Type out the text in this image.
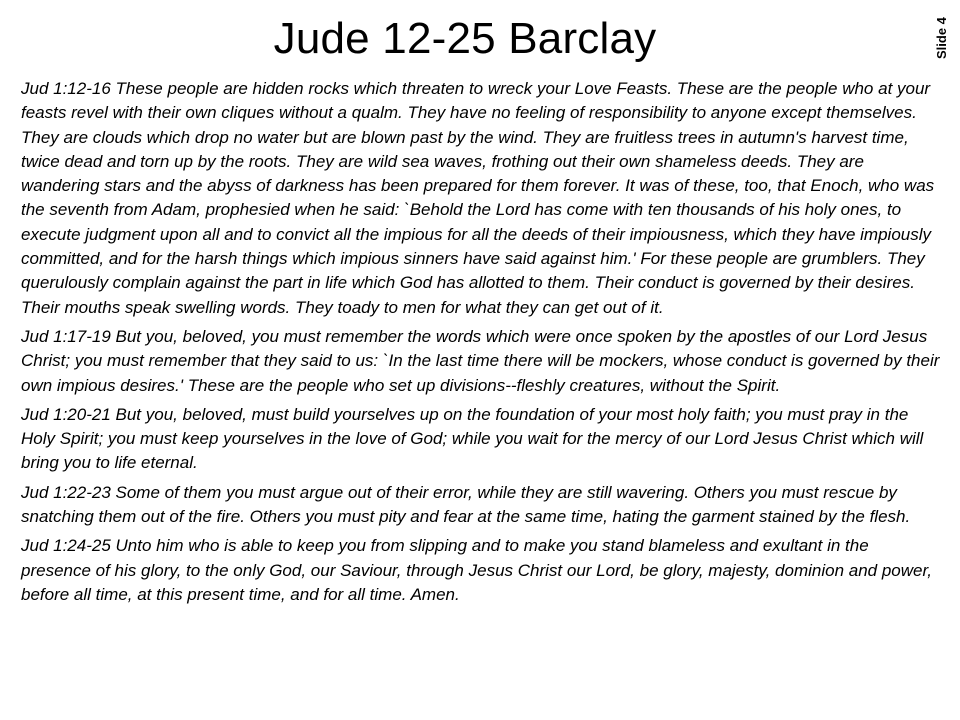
Jude 12-25 Barclay	Slide 4

Jud 1:12-16 These people are hidden rocks which threaten to wreck your Love Feasts. These are the people who at your feasts revel with their own cliques without a qualm. They have no feeling of responsibility to anyone except themselves. They are clouds which drop no water but are blown past by the wind. They are fruitless trees in autumn's harvest time, twice dead and torn up by the roots. They are wild sea waves, frothing out their own shameless deeds. They are wandering stars and the abyss of darkness has been prepared for them forever. It was of these, too, that Enoch, who was the seventh from Adam, prophesied when he said: `Behold the Lord has come with ten thousands of his holy ones, to execute judgment upon all and to convict all the impious for all the deeds of their impiousness, which they have impiously committed, and for the harsh things which impious sinners have said against him.' For these people are grumblers. They querulously complain against the part in life which God has allotted to them. Their conduct is governed by their desires. Their mouths speak swelling words. They toady to men for what they can get out of it.

Jud 1:17-19 But you, beloved, you must remember the words which were once spoken by the apostles of our Lord Jesus Christ; you must remember that they said to us: `In the last time there will be mockers, whose conduct is governed by their own impious desires.' These are the people who set up divisions--fleshly creatures, without the Spirit.

Jud 1:20-21 But you, beloved, must build yourselves up on the foundation of your most holy faith; you must pray in the Holy Spirit; you must keep yourselves in the love of God; while you wait for the mercy of our Lord Jesus Christ which will bring you to life eternal.

Jud 1:22-23 Some of them you must argue out of their error, while they are still wavering. Others you must rescue by snatching them out of the fire. Others you must pity and fear at the same time, hating the garment stained by the flesh.

Jud 1:24-25 Unto him who is able to keep you from slipping and to make you stand blameless and exultant in the presence of his glory, to the only God, our Saviour, through Jesus Christ our Lord, be glory, majesty, dominion and power, before all time, at this present time, and for all time. Amen.
